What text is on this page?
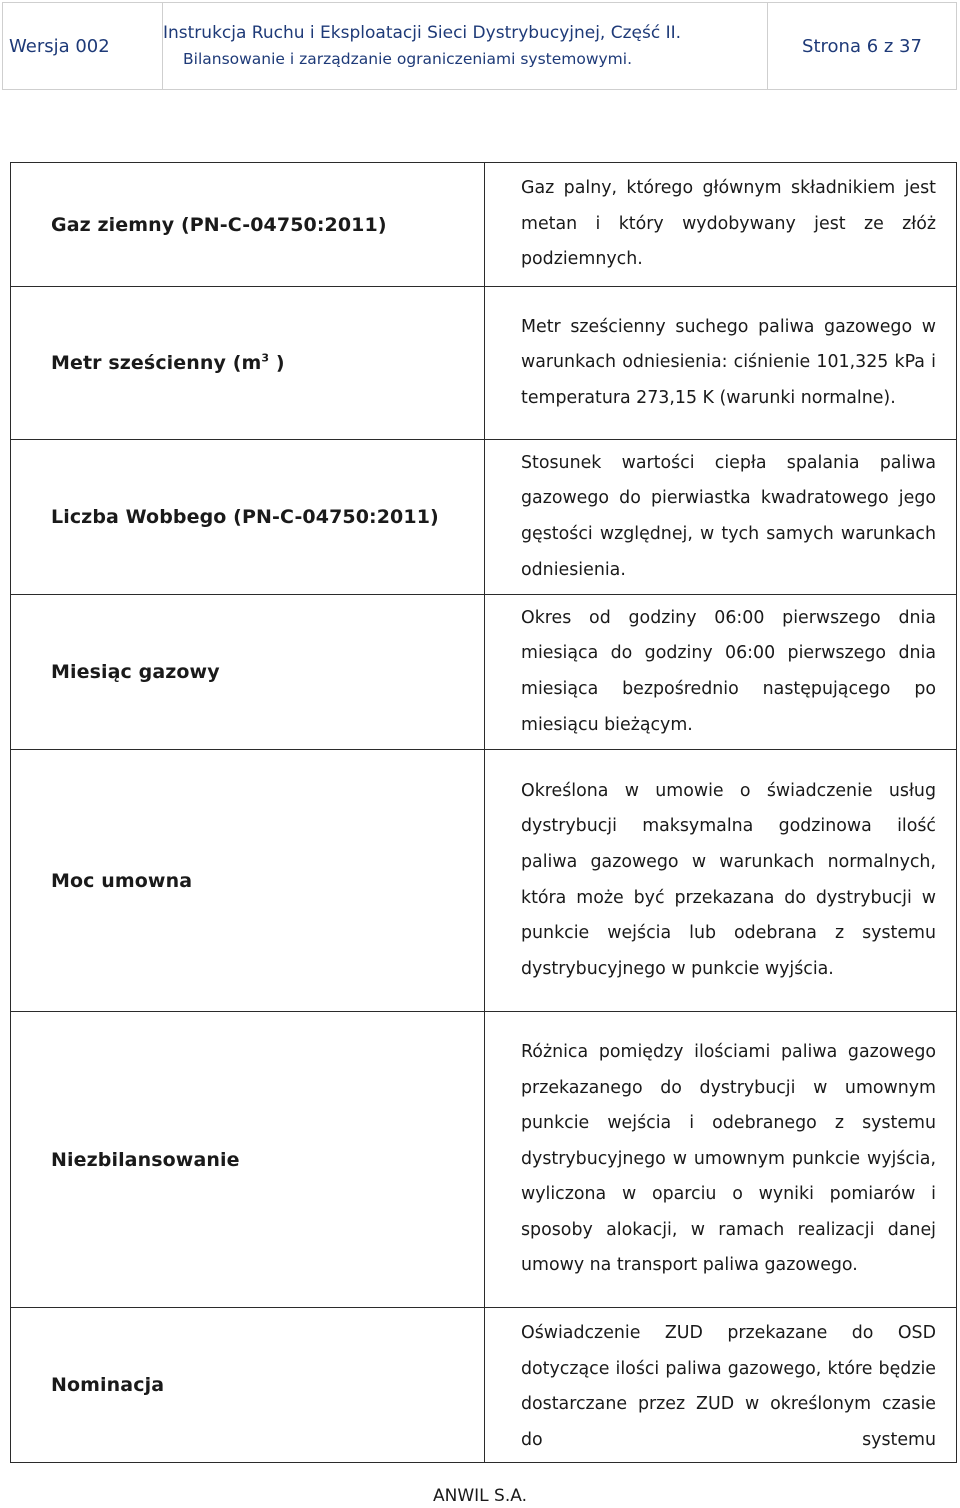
Wersja 002
Instrukcja Ruchu i Eksploatacji Sieci Dystrybucyjnej, Część II.
Bilansowanie i zarządzanie ograniczeniami systemowymi.
Strona 6 z 37
Gaz ziemny (PN-C-04750:2011)	Gaz palny, którego głównym składnikiem jest metan i który wydobywany jest ze złóż podziemnych.
Metr sześcienny ($m^3$ )	Metr sześcienny suchego paliwa gazowego w warunkach odniesienia: ciśnienie 101,325 kPa i temperatura 273,15 K (warunki normalne).
Liczba Wobbego (PN-C-04750:2011)	Stosunek wartości ciepła spalania paliwa gazowego do pierwiastka kwadratowego jego gęstości względnej, w tych samych warunkach odniesienia.
Miesiąc gazowy	Okres od godziny 06:00 pierwszego dnia miesiąca do godziny 06:00 pierwszego dnia miesiąca bezpośrednio następującego po miesiącu bieżącym.
Moc umowna	Określona w umowie o świadczenie usług dystrybucji maksymalna godzinowa ilość paliwa gazowego w warunkach normalnych, która może być przekazana do dystrybucji w punkcie wejścia lub odebrana z systemu dystrybucyjnego w punkcie wyjścia.
Niezbilansowanie	Różnica pomiędzy ilościami paliwa gazowego przekazanego do dystrybucji w umownym punkcie wejścia i odebranego z systemu dystrybucyjnego w umownym punkcie wyjścia, wyliczona w oparciu o wyniki pomiarów i sposoby alokacji, w ramach realizacji danej umowy na transport paliwa gazowego.
Nominacja	Oświadczenie ZUD przekazane do OSD dotyczące ilości paliwa gazowego, które będzie dostarczane przez ZUD w określonym czasie do systemu
ANWIL S.A.
